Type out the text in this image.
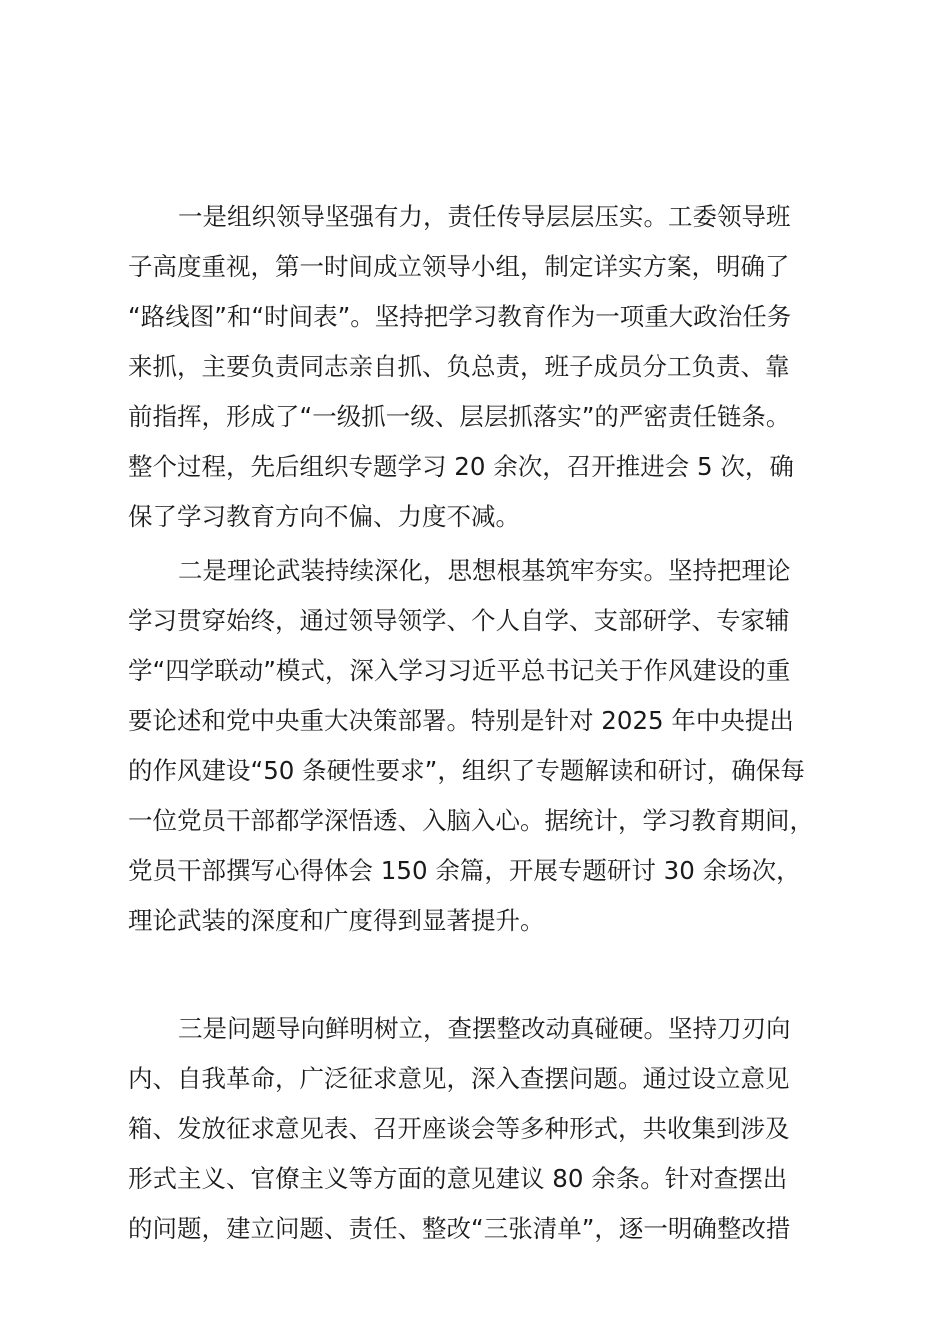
一是组织领导坚强有力，责任传导层层压实。工委领导班
子高度重视，第一时间成立领导小组，制定详实方案，明确了
“路线图”和“时间表”。坚持把学习教育作为一项重大政治任务
来抓，主要负责同志亲自抓、负总责，班子成员分工负责、靠
前指挥，形成了“一级抓一级、层层抓落实”的严密责任链条。
整个过程，先后组织专题学习 20 余次，召开推进会 5 次，确
保了学习教育方向不偏、力度不减。

二是理论武装持续深化，思想根基筑牢夯实。坚持把理论
学习贯穿始终，通过领导领学、个人自学、支部研学、专家辅
学“四学联动”模式，深入学习习近平总书记关于作风建设的重
要论述和党中央重大决策部署。特别是针对 2025 年中央提出
的作风建设“50 条硬性要求”，组织了专题解读和研讨，确保每
一位党员干部都学深悟透、入脑入心。据统计，学习教育期间，
党员干部撰写心得体会 150 余篇，开展专题研讨 30 余场次，
理论武装的深度和广度得到显著提升。

三是问题导向鲜明树立，查摆整改动真碰硬。坚持刀刃向
内、自我革命，广泛征求意见，深入查摆问题。通过设立意见
箱、发放征求意见表、召开座谈会等多种形式，共收集到涉及
形式主义、官僚主义等方面的意见建议 80 余条。针对查摆出
的问题，建立问题、责任、整改“三张清单”，逐一明确整改措
